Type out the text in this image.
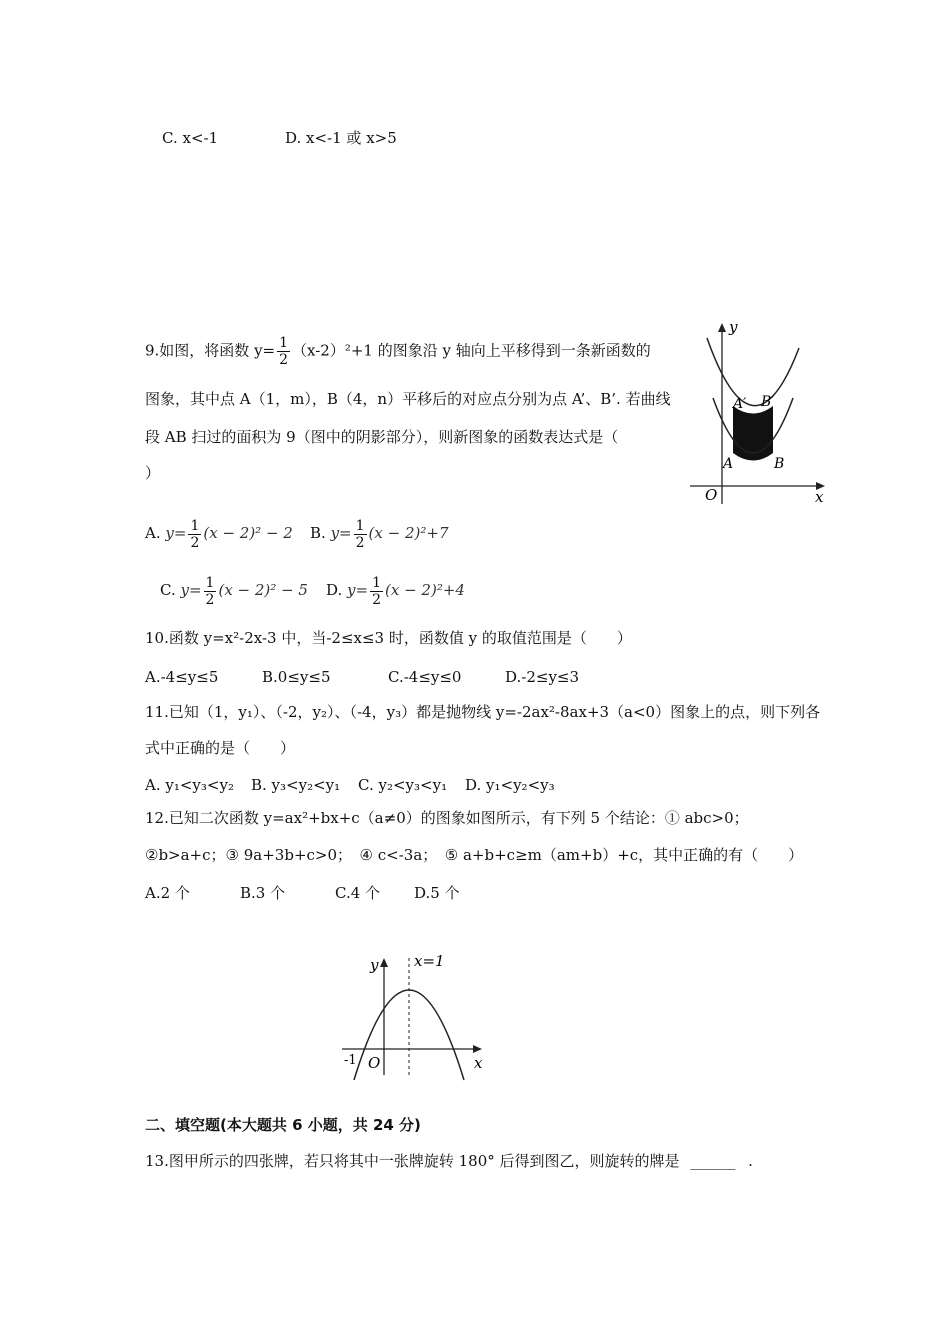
C. x<-1	D. x<-1 或 x>5
9.如图，将函数 $y= \frac{1}{2} (x-2)^2+1$ 的图象沿 y 轴向上平移得到一条新函数的
图象，其中点 A（1，m），B（4，n）平移后的对应点分别为点 A’、B’. 若曲线
段 AB 扫过的面积为 9（图中的阴影部分），则新图象的函数表达式是（
）
y
x
O
A	B
A′ B′
A. $y= \frac{1}{2} (x - 2)^2 - 2$ B. $y= \frac{1}{2} (x - 2)^2+7$
C. $y= \frac{1}{2} (x - 2)^2 - 5$ D. $y= \frac{1}{2} (x - 2)^2+4$
10.函数 y=x²-2x-3 中，当-2≤x≤3 时，函数值 y 的取值范围是（　　）
A.-4≤y≤5	B.0≤y≤5	C.-4≤y≤0	D.-2≤y≤3
11.已知（1，y₁）、（-2，y₂）、（-4，y₃）都是抛物线 y=-2ax²-8ax+3（a<0）图象上的点，则下列各
式中正确的是（　　）
A. y₁<y₃<y₂ B. y₃<y₂<y₁ C. y₂<y₃<y₁ D. y₁<y₂<y₃
12.已知二次函数 y=ax²+bx+c（a≠0）的图象如图所示，有下列 5 个结论：① abc>0；
②b>a+c；③ 9a+3b+c>0；　④ c<-3a；　⑤ a+b+c≥m（am+b）+c，其中正确的有（　　）
A.2 个	B.3 个	C.4 个 D.5 个
y x=1
x
O
-1
二、填空题(本大题共 6 小题，共 24 分)
13.图甲所示的四张牌，若只将其中一张牌旋转 180° 后得到图乙，则旋转的牌是 ______ .
